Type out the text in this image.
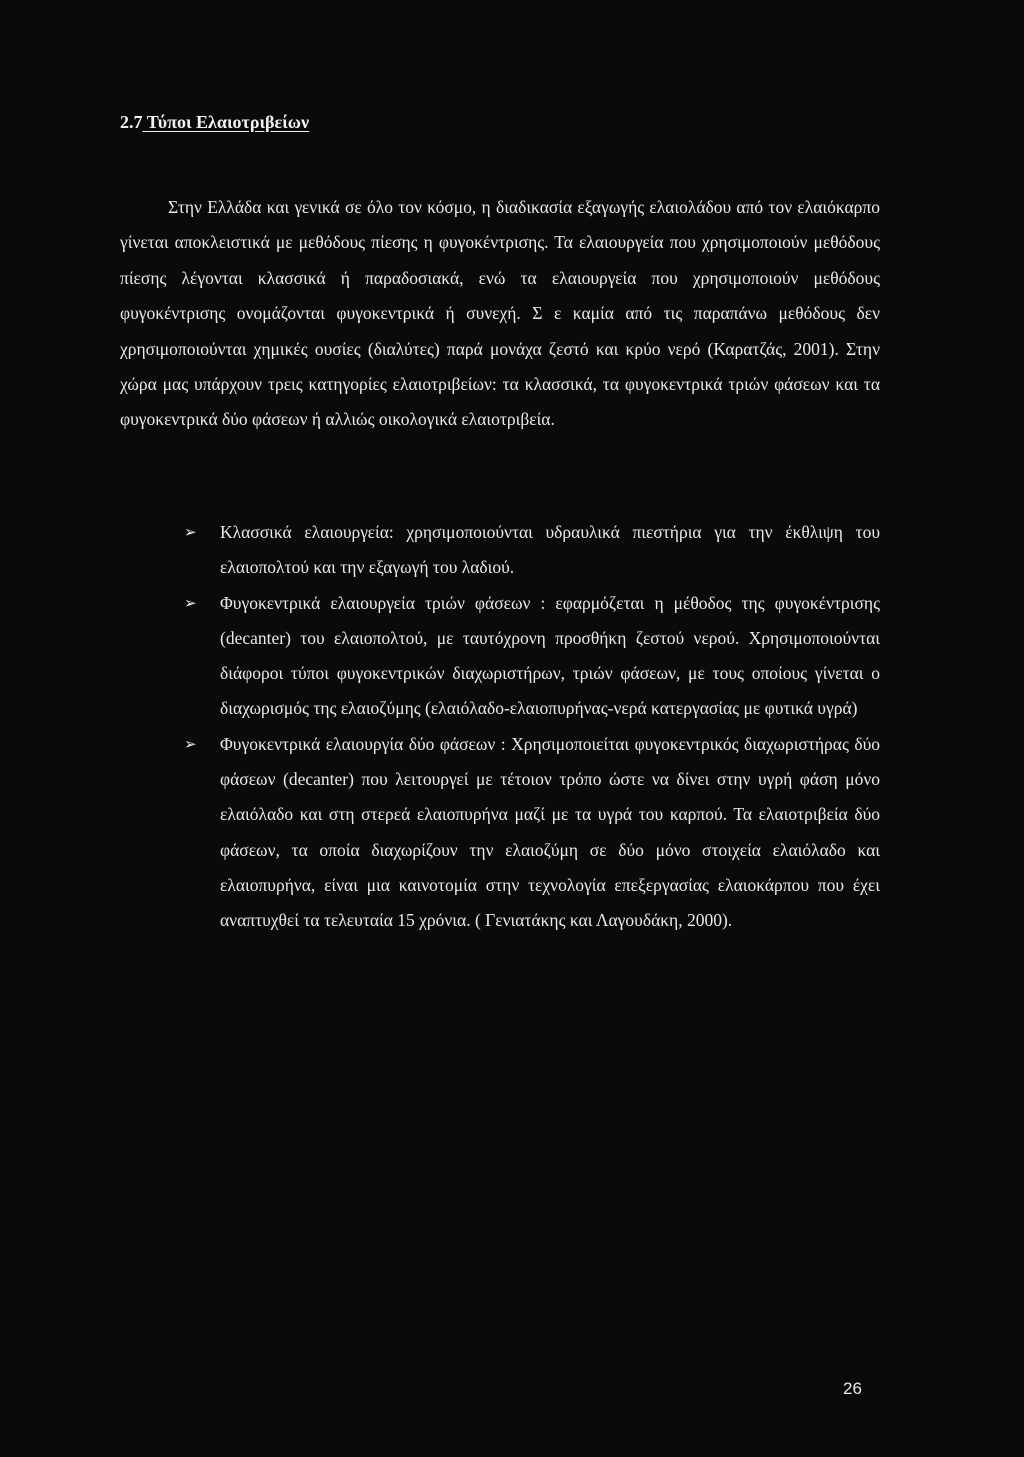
2.7 Τύποι Ελαιοτριβείων

Στην Ελλάδα και γενικά σε όλο τον κόσμο, η διαδικασία εξαγωγής ελαιολάδου από τον ελαιόκαρπο γίνεται αποκλειστικά με μεθόδους πίεσης η φυγοκέντρισης. Τα ελαιουργεία που χρησιμοποιούν μεθόδους πίεσης λέγονται κλασσικά ή παραδοσιακά, ενώ τα ελαιουργεία που χρησιμοποιούν μεθόδους φυγοκέντρισης ονομάζονται φυγοκεντρικά ή συνεχή. Σ ε καμία από τις παραπάνω μεθόδους δεν χρησιμοποιούνται χημικές ουσίες (διαλύτες) παρά μονάχα ζεστό και κρύο νερό (Καρατζάς, 2001). Στην χώρα μας υπάρχουν τρεις κατηγορίες ελαιοτριβείων: τα κλασσικά, τα φυγοκεντρικά τριών φάσεων και τα φυγοκεντρικά δύο φάσεων ή αλλιώς οικολογικά ελαιοτριβεία.

➢ Κλασσικά ελαιουργεία: χρησιμοποιούνται υδραυλικά πιεστήρια για την έκθλιψη του ελαιοπολτού και την εξαγωγή του λαδιού.
➢ Φυγοκεντρικά ελαιουργεία τριών φάσεων : εφαρμόζεται η μέθοδος της φυγοκέντρισης (decanter) του ελαιοπολτού, με ταυτόχρονη προσθήκη ζεστού νερού. Χρησιμοποιούνται διάφοροι τύποι φυγοκεντρικών διαχωριστήρων, τριών φάσεων, με τους οποίους γίνεται ο διαχωρισμός της ελαιοζύμης (ελαιόλαδο-ελαιοπυρήνας-νερά κατεργασίας με φυτικά υγρά)
➢ Φυγοκεντρικά ελαιουργία δύο φάσεων : Χρησιμοποιείται φυγοκεντρικός διαχωριστήρας δύο φάσεων (decanter) που λειτουργεί με τέτοιον τρόπο ώστε να δίνει στην υγρή φάση μόνο ελαιόλαδο και στη στερεά ελαιοπυρήνα μαζί με τα υγρά του καρπού. Τα ελαιοτριβεία δύο φάσεων, τα οποία διαχωρίζουν την ελαιοζύμη σε δύο μόνο στοιχεία ελαιόλαδο και ελαιοπυρήνα, είναι μια καινοτομία στην τεχνολογία επεξεργασίας ελαιοκάρπου που έχει αναπτυχθεί τα τελευταία 15 χρόνια. ( Γενιατάκης και Λαγουδάκη, 2000).
26
